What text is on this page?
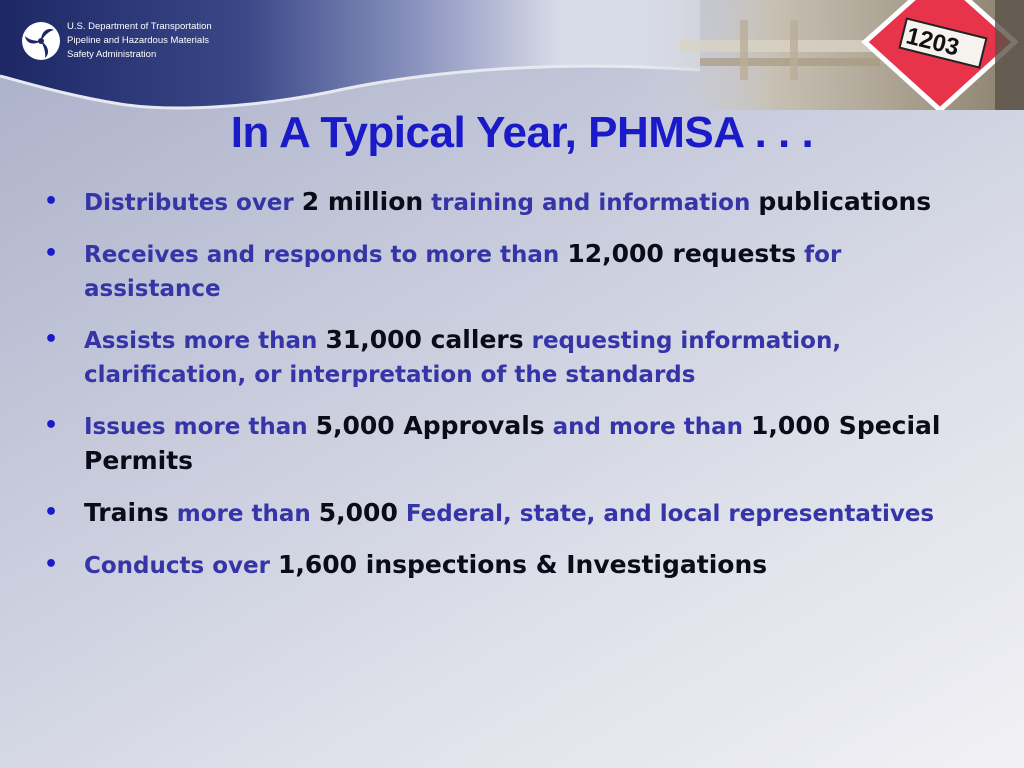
1203
U.S. Department of Transportation
Pipeline and Hazardous Materials
Safety Administration
In A Typical Year, PHMSA . . .
• Distributes over 2 million training and information publications
• Receives and responds to more than 12,000 requests for assistance
• Assists more than 31,000 callers requesting information, clarification, or interpretation of the standards
• Issues more than 5,000 Approvals and more than 1,000 Special Permits
• Trains more than 5,000 Federal, state, and local representatives
• Conducts over 1,600 inspections & Investigations
